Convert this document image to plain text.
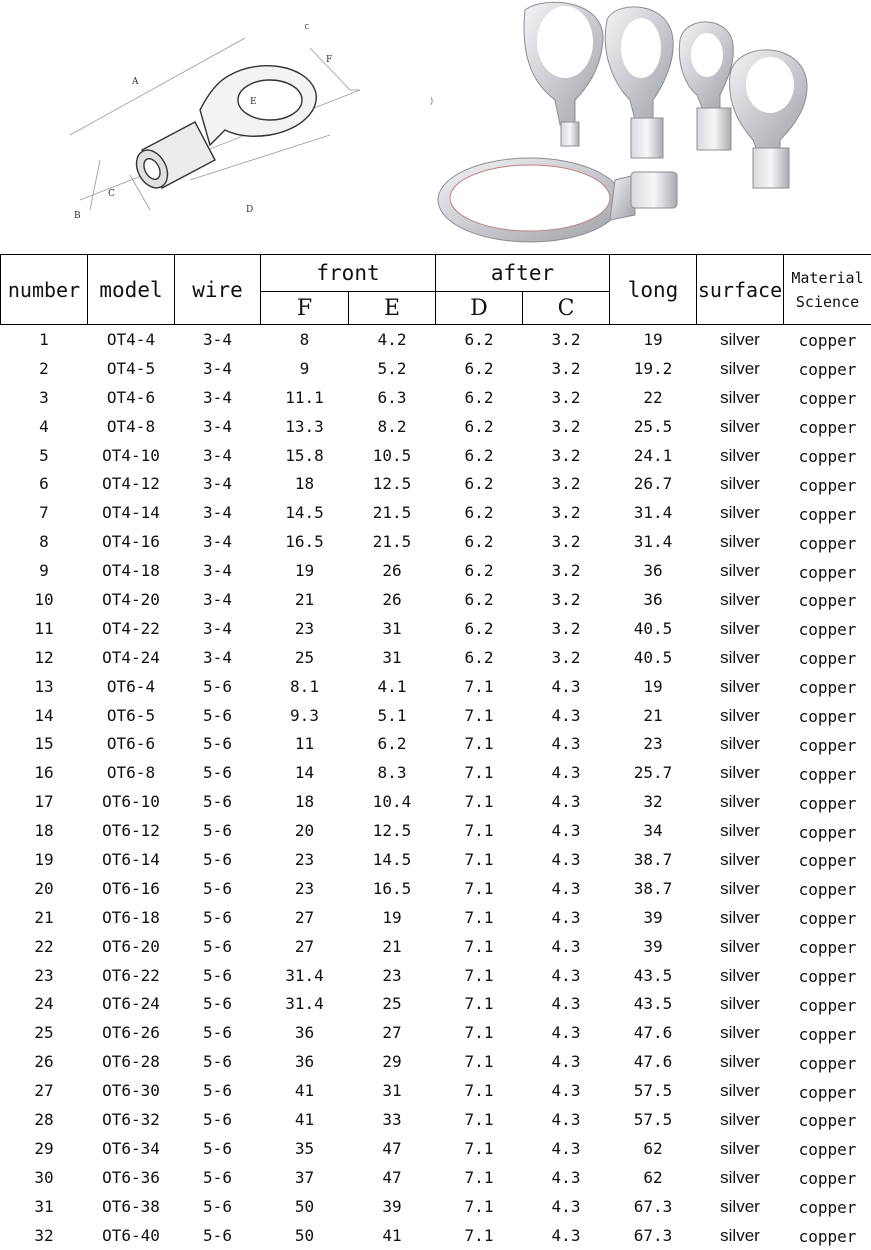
A
B
C
D
E
F
c
)
number	model	wire	front		after		long	surface	Material
Science

			F	E	D	C			
1	OT4-4	3-4	8	4.2	6.2	3.2	19	silver	copper
2	OT4-5	3-4	9	5.2	6.2	3.2	19.2	silver	copper
3	OT4-6	3-4	11.1	6.3	6.2	3.2	22	silver	copper
4	OT4-8	3-4	13.3	8.2	6.2	3.2	25.5	silver	copper
5	OT4-10	3-4	15.8	10.5	6.2	3.2	24.1	silver	copper
6	OT4-12	3-4	18	12.5	6.2	3.2	26.7	silver	copper
7	OT4-14	3-4	14.5	21.5	6.2	3.2	31.4	silver	copper
8	OT4-16	3-4	16.5	21.5	6.2	3.2	31.4	silver	copper
9	OT4-18	3-4	19	26	6.2	3.2	36	silver	copper
10	OT4-20	3-4	21	26	6.2	3.2	36	silver	copper
11	OT4-22	3-4	23	31	6.2	3.2	40.5	silver	copper
12	OT4-24	3-4	25	31	6.2	3.2	40.5	silver	copper
13	OT6-4	5-6	8.1	4.1	7.1	4.3	19	silver	copper
14	OT6-5	5-6	9.3	5.1	7.1	4.3	21	silver	copper
15	OT6-6	5-6	11	6.2	7.1	4.3	23	silver	copper
16	OT6-8	5-6	14	8.3	7.1	4.3	25.7	silver	copper
17	OT6-10	5-6	18	10.4	7.1	4.3	32	silver	copper
18	OT6-12	5-6	20	12.5	7.1	4.3	34	silver	copper
19	OT6-14	5-6	23	14.5	7.1	4.3	38.7	silver	copper
20	OT6-16	5-6	23	16.5	7.1	4.3	38.7	silver	copper
21	OT6-18	5-6	27	19	7.1	4.3	39	silver	copper
22	OT6-20	5-6	27	21	7.1	4.3	39	silver	copper
23	OT6-22	5-6	31.4	23	7.1	4.3	43.5	silver	copper
24	OT6-24	5-6	31.4	25	7.1	4.3	43.5	silver	copper
25	OT6-26	5-6	36	27	7.1	4.3	47.6	silver	copper
26	OT6-28	5-6	36	29	7.1	4.3	47.6	silver	copper
27	OT6-30	5-6	41	31	7.1	4.3	57.5	silver	copper
28	OT6-32	5-6	41	33	7.1	4.3	57.5	silver	copper
29	OT6-34	5-6	35	47	7.1	4.3	62	silver	copper
30	OT6-36	5-6	37	47	7.1	4.3	62	silver	copper
31	OT6-38	5-6	50	39	7.1	4.3	67.3	silver	copper
32	OT6-40	5-6	50	41	7.1	4.3	67.3	silver	copper
